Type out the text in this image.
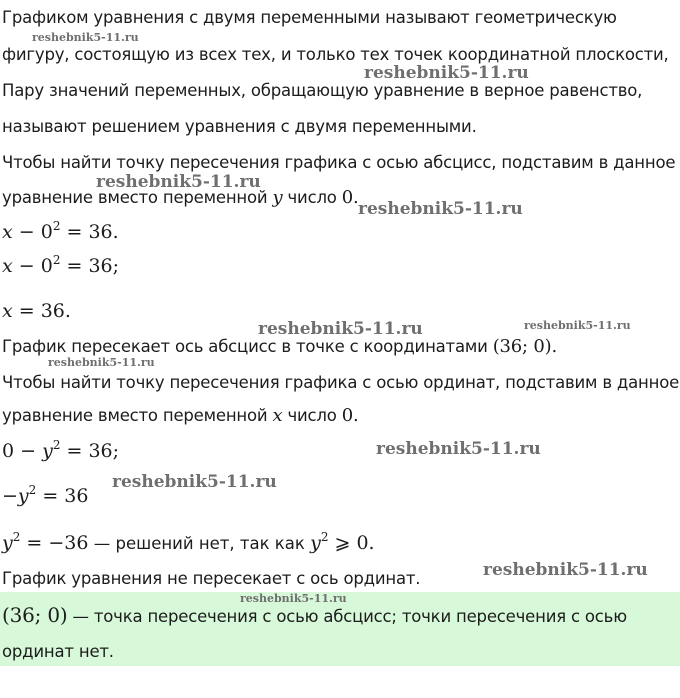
Графиком уравнения с двумя переменными называют геометрическую
фигуру, состоящую из всех тех, и только тех точек координатной плоскости,
Пару значений переменных, обращающую уравнение в верное равенство,
называют решением уравнения с двумя переменными.
Чтобы найти точку пересечения графика с осью абсцисс, подставим в данное
уравнение вместо переменной y число 0.
$x - 0^2 = 36$.
$x - 0^2 = 36$;
x = 36.
График пересекает ось абсцисс в точке с координатами (36; 0).
Чтобы найти точку пересечения графика с осью ординат, подставим в данное
уравнение вместо переменной x число 0.
$0 - y^2 = 36$;
$-y^2 = 36$
$y^2 = -36$ — решений нет, так как $y^2$ ⩾ 0.
График уравнения не пересекает с ось ординат.
(36; 0) — точка пересечения с осью абсцисс; точки пересечения с осью
ординат нет.
reshebnik5-11.ru
reshebnik5-11.ru
reshebnik5-11.ru
reshebnik5-11.ru
reshebnik5-11.ru	reshebnik5-11.ru
reshebnik5-11.ru
reshebnik5-11.ru
reshebnik5-11.ru
reshebnik5-11.ru
reshebnik5-11.ru
